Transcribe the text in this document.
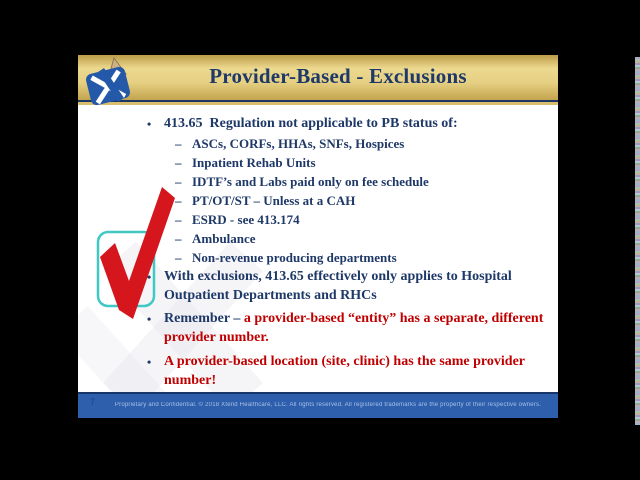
Provider-Based - Exclusions
• 413.65  Regulation not applicable to PB status of:
– ASCs, CORFs, HHAs, SNFs, Hospices
– Inpatient Rehab Units
– IDTF’s and Labs paid only on fee schedule
– PT/OT/ST – Unless at a CAH
– ESRD - see 413.174
– Ambulance
– Non-revenue producing departments
• With exclusions, 413.65 effectively only applies to Hospital Outpatient Departments and RHCs
• Remember – a provider-based “entity” has a separate, different provider number.
• A provider-based location (site, clinic) has the same provider number!
7	Proprietary and Confidential. © 2018 Xtend Healthcare, LLC. All rights reserved. All registered trademarks are the property of their respective owners.
